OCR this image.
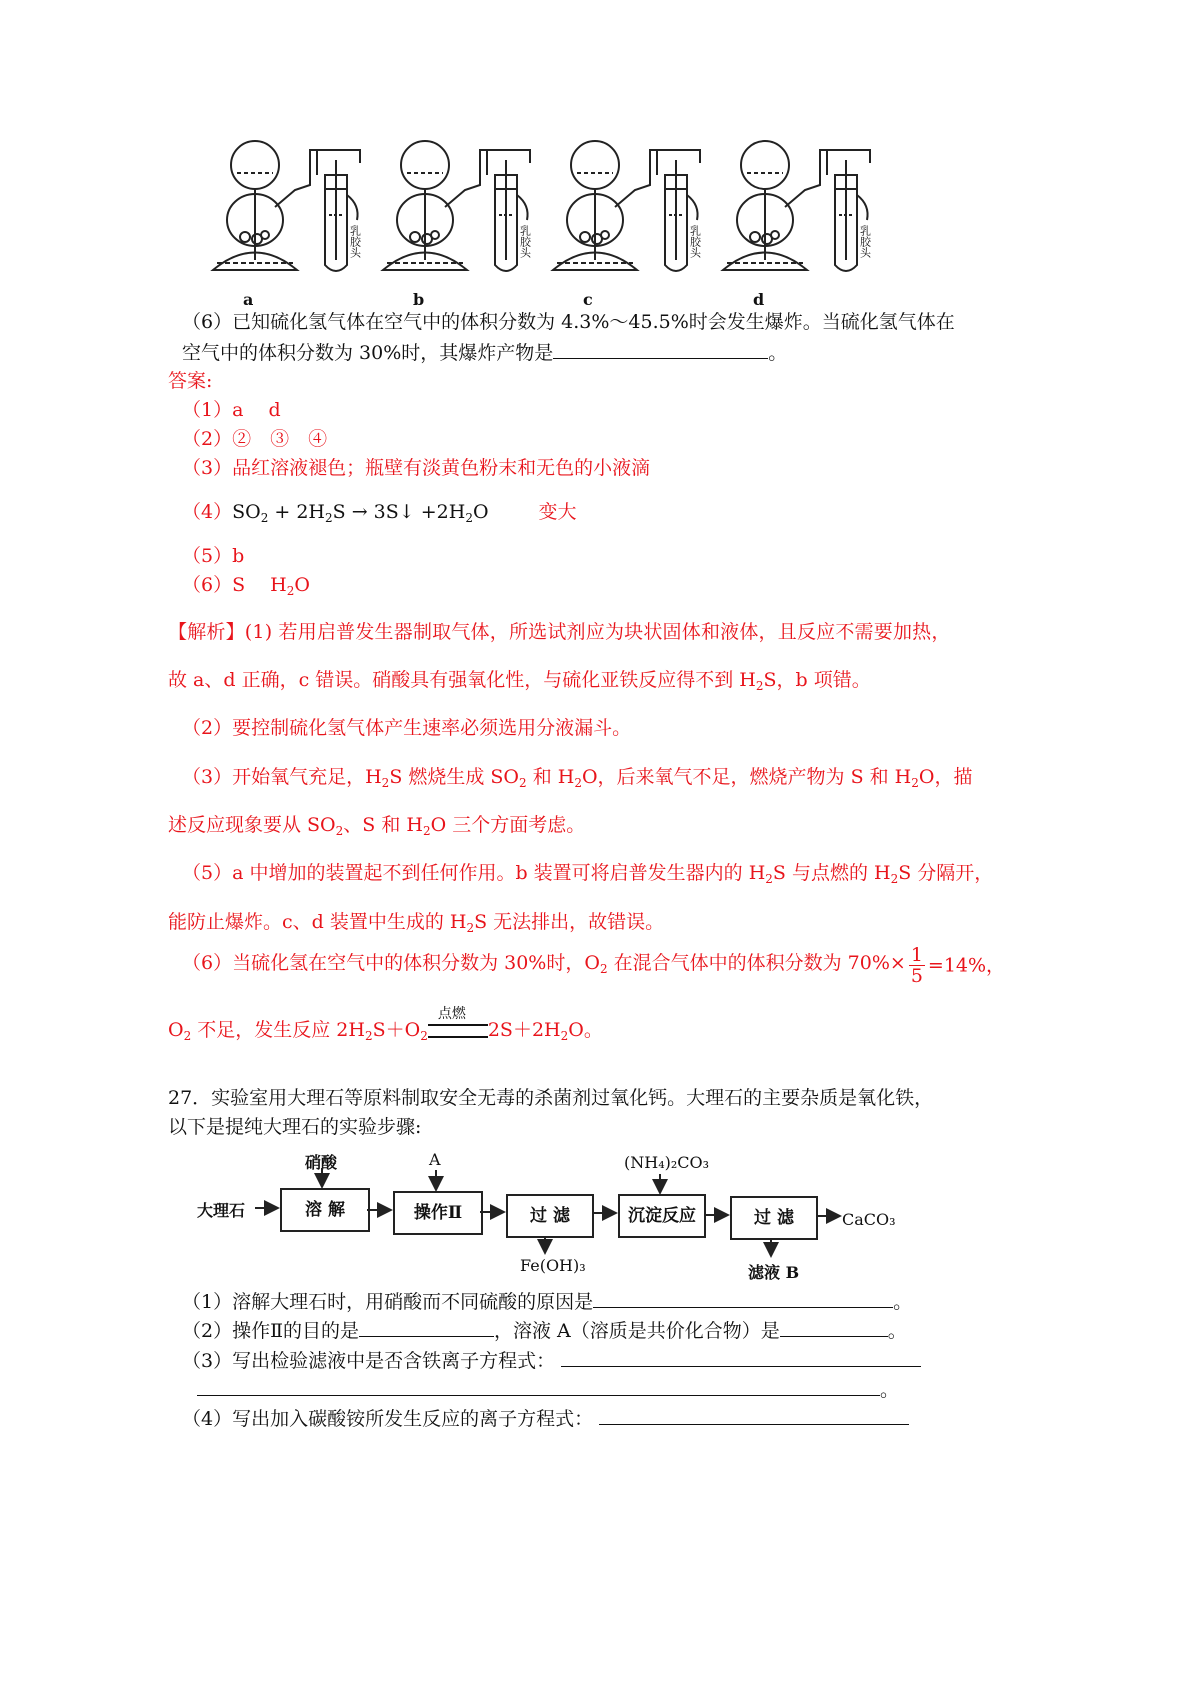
a
乳胶头
b
乳胶头
c
乳胶头
d
乳胶头
（6）已知硫化氢气体在空气中的体积分数为 4.3%～45.5%时会发生爆炸。当硫化氢气体在
空气中的体积分数为 30%时，其爆炸产物是	。
答案:
（1）a　 d
（2）②　③　④
（3）品红溶液褪色；瓶壁有淡黄色粉末和无色的小液滴
$(4)SO_2 + 2H_2S$ → 3S↓ $+2H_2O$	变大
（5）b
（6）S　 $H_2O$
【解析】(1) 若用启普发生器制取气体，所选试剂应为块状固体和液体，且反应不需要加热，
故 a、d 正确，c 错误。硝酸具有强氧化性，与硫化亚铁反应得不到 $H_2S$，b 项错。
（2）要控制硫化氢气体产生速率必须选用分液漏斗。
（3）开始氧气充足，$H_2S$ 燃烧生成 $SO_2$ 和 $H_2O$，后来氧气不足，燃烧产物为 S 和 $H_2O$，描
述反应现象要从 $SO_2$、S 和 $H_2O$ 三个方面考虑。
（5）a 中增加的装置起不到任何作用。b 装置可将启普发生器内的 $H_2S$ 与点燃的 $H_2S$ 分隔开，
能防止爆炸。c、d 装置中生成的 $H_2S$ 无法排出，故错误。
（6）当硫化氢在空气中的体积分数为 30%时，$O_2$ 在混合气体中的体积分数为 $70\%\times \frac{1}{5} =14\%$，
$O_2$ 不足，发生反应 $2H_2S+O_2$
点燃
$2S+2H_2O$。
27．实验室用大理石等原料制取安全无毒的杀菌剂过氧化钙。大理石的主要杂质是氧化铁，
以下是提纯大理石的实验步骤:
大理石	溶 解	操作Ⅱ	过 滤	沉淀反应	过 滤
硝酸	A	(NH₄)₂CO₃
Fe(OH)₃	滤液 B
CaCO₃
（1）溶解大理石时，用硝酸而不同硫酸的原因是	。
（2）操作Ⅱ的目的是	，溶液 A（溶质是共价化合物）是	。
（3）写出检验滤液中是否含铁离子方程式：
。
（4）写出加入碳酸铵所发生反应的离子方程式：
